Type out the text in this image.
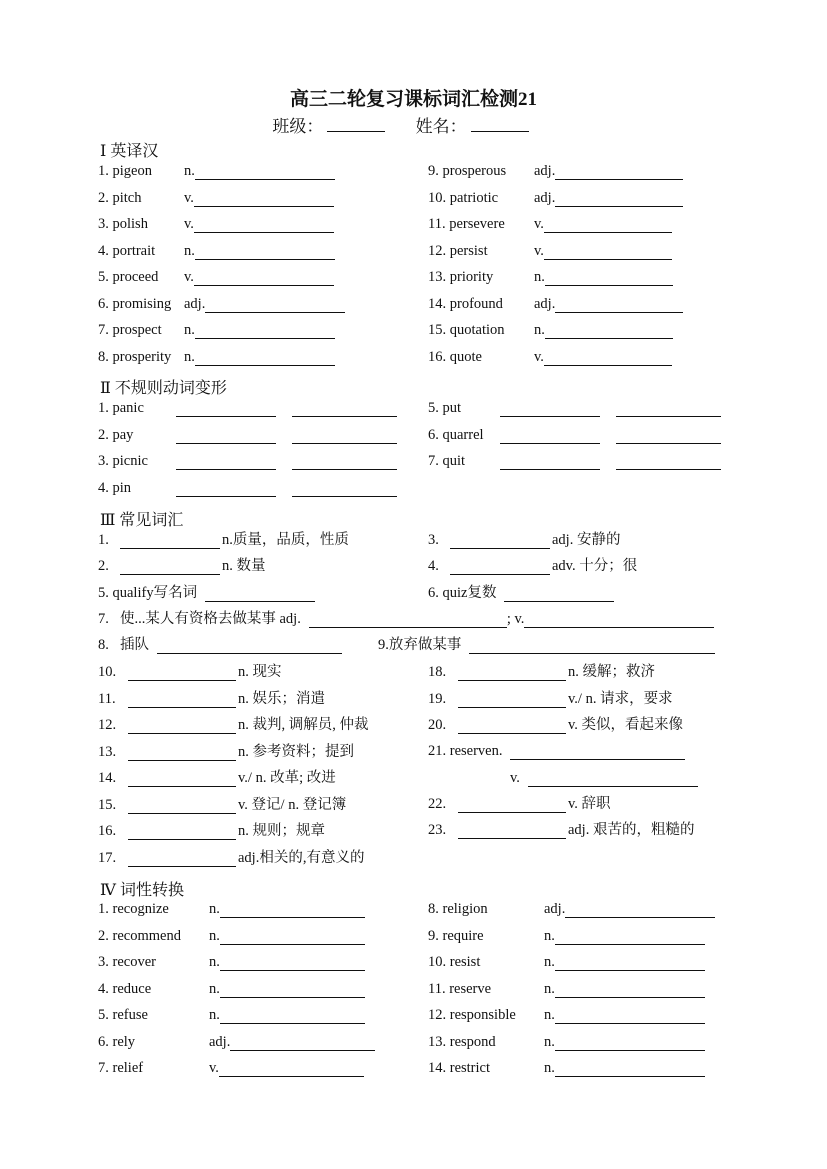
高三二轮复习课标词汇检测21
班级：	姓名：
Ⅰ 英译汉
Ⅱ 不规则动词变形
Ⅲ 常见词汇
Ⅳ 词性转换
1. pigeon n.
2. pitch	v.
3. polish v.
4. portrait n.
5. proceed v.
6. promising adj.
7. prospect n.
8. prosperity n.
9. prosperous adj.
10. patriotic adj.
11. persevere v.
12. persist	v.
13. priority	n.
14. profound adj.
15. quotation n.
16. quote	v.
1. panic
2. pay
3. picnic
4. pin
5. put
6. quarrel
7. quit
1.	n.质量，品质，性质	3.	adj. 安静的
2.	n. 数量	4.	adv. 十分；很
5. qualify写名词	6. quiz复数
7. 使...某人有资格去做某事 adj.	; v.
8. 插队	9.放弃做某事
10.	n. 现实
11.	n. 娱乐；消遣
12.	n. 裁判, 调解员, 仲裁
13.	n. 参考资料；提到
14.	v./ n. 改革; 改进
15.	v. 登记/ n. 登记簿
16.	n. 规则；规章
17.	adj.相关的,有意义的
18.	n. 缓解；救济
19.	v./ n. 请求，要求
20.	v. 类似，看起来像
21. reserven.
v.
22.	v. 辞职
23.	adj. 艰苦的，粗糙的
1. recognize	n.
2. recommend n.
3. recover	n.
4. reduce	n.
5. refuse	n.
6. rely	adj.
7. relief	v.
8. religion	adj.
9. require	n.
10. resist	n.
11. reserve	n.
12. responsible n.
13. respond	n.
14. restrict	n.
